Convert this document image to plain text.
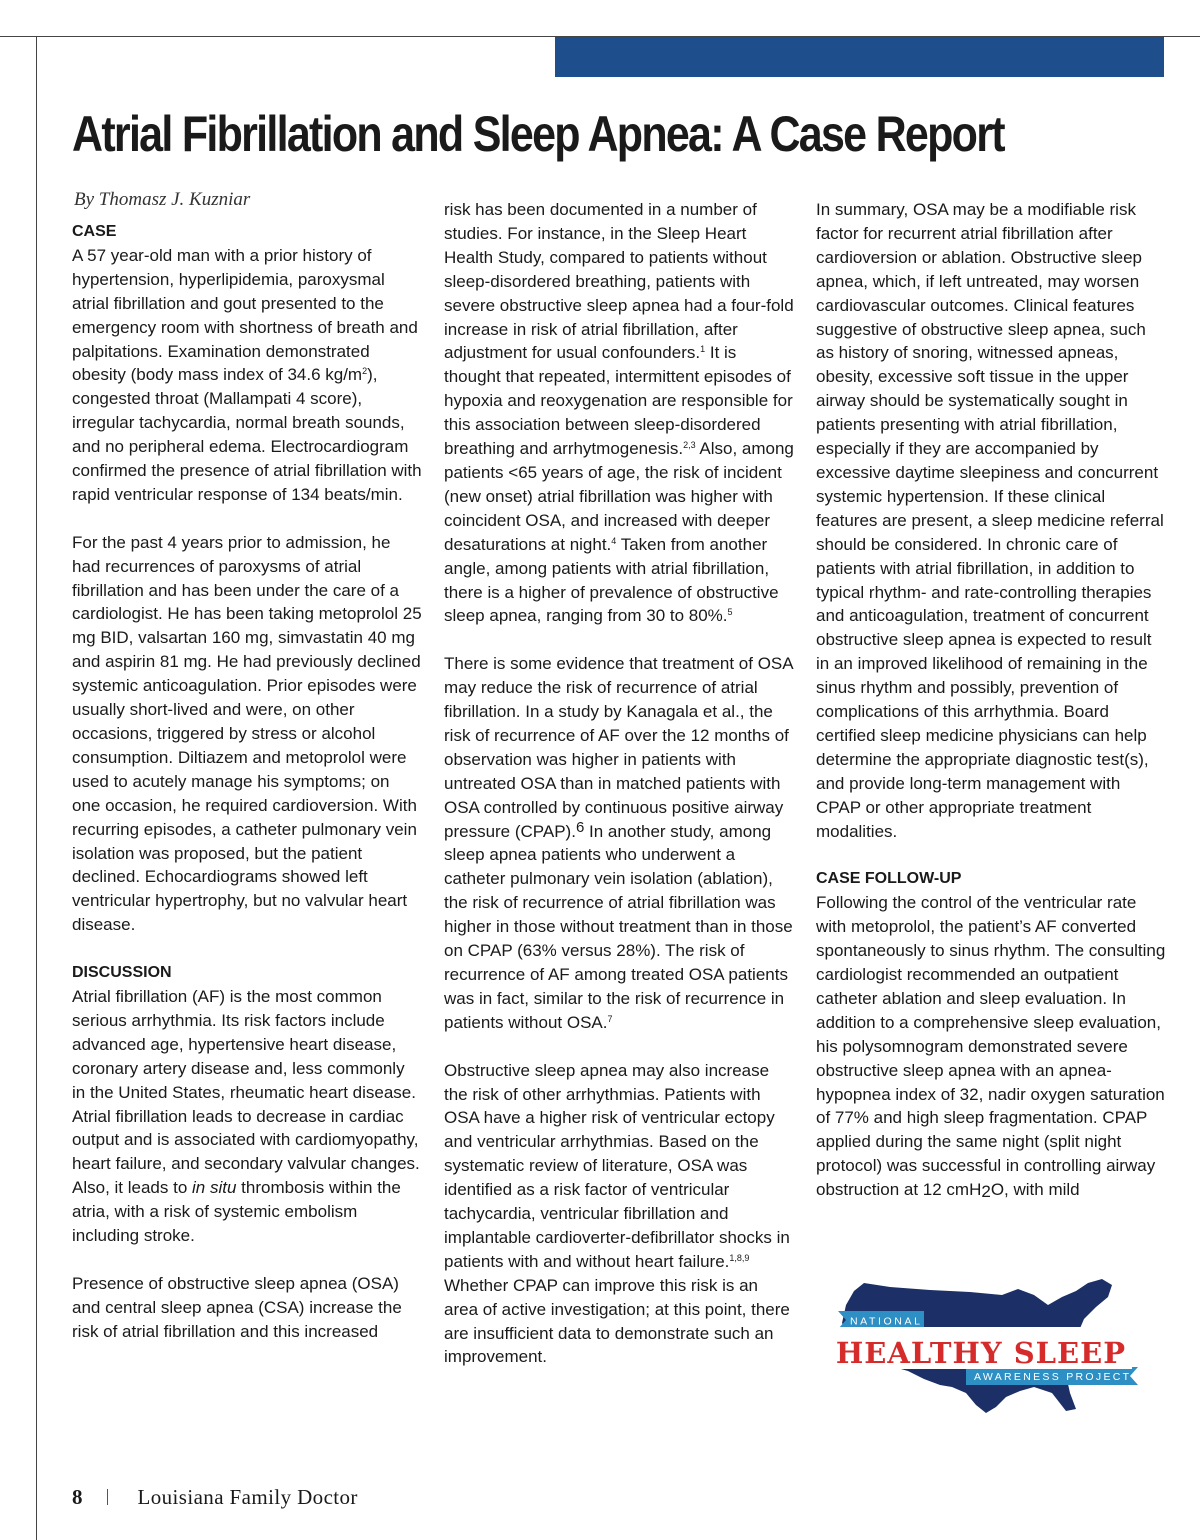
Atrial Fibrillation and Sleep Apnea: A Case Report
By Thomasz J. Kuzniar
CASE

A 57 year-old man with a prior history of hypertension, hyperlipidemia, paroxysmal atrial fibrillation and gout presented to the emergency room with shortness of breath and palpitations. Examination demonstrated obesity (body mass index of 34.6 $kg/m^2$), congested throat (Mallampati 4 score), irregular tachycardia, normal breath sounds, and no peripheral edema. Electrocardiogram confirmed the presence of atrial fibrillation with rapid ventricular response of 134 beats/min.

For the past 4 years prior to admission, he had recurrences of paroxysms of atrial fibrillation and has been under the care of a cardiologist. He has been taking metoprolol 25 mg BID, valsartan 160 mg, simvastatin 40 mg and aspirin 81 mg. He had previously declined systemic anticoagulation. Prior episodes were usually short-lived and were, on other occasions, triggered by stress or alcohol consumption. Diltiazem and metoprolol were used to acutely manage his symptoms; on one occasion, he required cardioversion. With recurring episodes, a catheter pulmonary vein isolation was proposed, but the patient declined. Echocardiograms showed left ventricular hypertrophy, but no valvular heart disease.

DISCUSSION

Atrial fibrillation (AF) is the most common serious arrhythmia. Its risk factors include advanced age, hypertensive heart disease, coronary artery disease and, less commonly in the United States, rheumatic heart disease. Atrial fibrillation leads to decrease in cardiac output and is associated with cardiomyopathy, heart failure, and secondary valvular changes. Also, it leads to in situ thrombosis within the atria, with a risk of systemic embolism including stroke.

Presence of obstructive sleep apnea (OSA) and central sleep apnea (CSA) increase the risk of atrial fibrillation and this increased

risk has been documented in a number of studies. For instance, in the Sleep Heart Health Study, compared to patients without sleep-disordered breathing, patients with severe obstructive sleep apnea had a four-fold increase in risk of atrial fibrillation, after adjustment for usual confounders.$^1$ It is thought that repeated, intermittent episodes of hypoxia and reoxygenation are responsible for this association between sleep-disordered breathing and arrhytmogenesis.$^{2,3}$ Also, among patients <65 years of age, the risk of incident (new onset) atrial fibrillation was higher with coincident OSA, and increased with deeper desaturations at night.$^4$ Taken from another angle, among patients with atrial fibrillation, there is a higher of prevalence of obstructive sleep apnea, ranging from 30 to 80%.$^5$

There is some evidence that treatment of OSA may reduce the risk of recurrence of atrial fibrillation. In a study by Kanagala et al., the risk of recurrence of AF over the 12 months of observation was higher in patients with untreated OSA than in matched patients with OSA controlled by continuous positive airway pressure (CPAP).$^6$ In another study, among sleep apnea patients who underwent a catheter pulmonary vein isolation (ablation), the risk of recurrence of atrial fibrillation was higher in those without treatment than in those on CPAP (63% versus 28%). The risk of recurrence of AF among treated OSA patients was in fact, similar to the risk of recurrence in patients without OSA.$^7$

Obstructive sleep apnea may also increase the risk of other arrhythmias. Patients with OSA have a higher risk of ventricular ectopy and ventricular arrhythmias. Based on the systematic review of literature, OSA was identified as a risk factor of ventricular tachycardia, ventricular fibrillation and implantable cardioverter-defibrillator shocks in patients with and without heart failure.$^{1,8,9}$ Whether CPAP can improve this risk is an area of active investigation; at this point, there are insufficient data to demonstrate such an improvement.

In summary, OSA may be a modifiable risk factor for recurrent atrial fibrillation after cardioversion or ablation. Obstructive sleep apnea, which, if left untreated, may worsen cardiovascular outcomes. Clinical features suggestive of obstructive sleep apnea, such as history of snoring, witnessed apneas, obesity, excessive soft tissue in the upper airway should be systematically sought in patients presenting with atrial fibrillation, especially if they are accompanied by excessive daytime sleepiness and concurrent systemic hypertension. If these clinical features are present, a sleep medicine referral should be considered. In chronic care of patients with atrial fibrillation, in addition to typical rhythm- and rate-controlling therapies and anticoagulation, treatment of concurrent obstructive sleep apnea is expected to result in an improved likelihood of remaining in the sinus rhythm and possibly, prevention of complications of this arrhythmia. Board certified sleep medicine physicians can help determine the appropriate diagnostic test(s), and provide long-term management with CPAP or other appropriate treatment modalities.

CASE FOLLOW-UP

Following the control of the ventricular rate with metoprolol, the patient’s AF converted spontaneously to sinus rhythm. The consulting cardiologist recommended an outpatient catheter ablation and sleep evaluation. In addition to a comprehensive sleep evaluation, his polysomnogram demonstrated severe obstructive sleep apnea with an apnea-hypopnea index of 32, nadir oxygen saturation of 77% and high sleep fragmentation. CPAP applied during the same night (split night protocol) was successful in controlling airway obstruction at 12 cmH$_2$O, with mild

NATIONAL
HEALTHY SLEEP
AWARENESS PROJECT
8	Louisiana Family Doctor
